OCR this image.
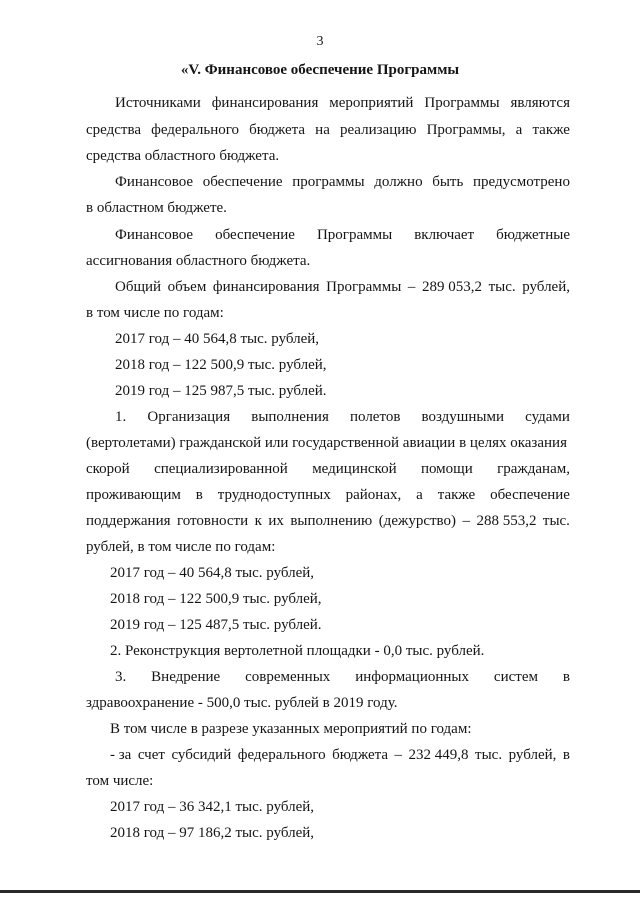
3
«V. Финансовое обеспечение Программы
Источниками финансирования мероприятий Программы являются
средства федерального бюджета на реализацию Программы, а также
средства областного бюджета.
Финансовое обеспечение программы должно быть предусмотрено
в областном бюджете.
Финансовое обеспечение Программы включает бюджетные
ассигнования областного бюджета.
Общий объем финансирования Программы – 289 053,2 тыс. рублей,
в том числе по годам:
2017 год – 40 564,8 тыс. рублей,
2018 год – 122 500,9 тыс. рублей,
2019 год – 125 987,5 тыс. рублей.
1. Организация выполнения полетов воздушными судами
(вертолетами) гражданской или государственной авиации в целях оказания
скорой специализированной медицинской помощи гражданам,
проживающим в труднодоступных районах, а также обеспечение
поддержания готовности к их выполнению (дежурство) – 288 553,2 тыс.
рублей, в том числе по годам:
2017 год – 40 564,8 тыс. рублей,
2018 год – 122 500,9 тыс. рублей,
2019 год – 125 487,5 тыс. рублей.
2. Реконструкция вертолетной площадки - 0,0 тыс. рублей.
3. Внедрение современных информационных систем в
здравоохранение - 500,0 тыс. рублей в 2019 году.
В том числе в разрезе указанных мероприятий по годам:
- за счет субсидий федерального бюджета – 232 449,8 тыс. рублей, в
том числе:
2017 год – 36 342,1 тыс. рублей,
2018 год – 97 186,2 тыс. рублей,
